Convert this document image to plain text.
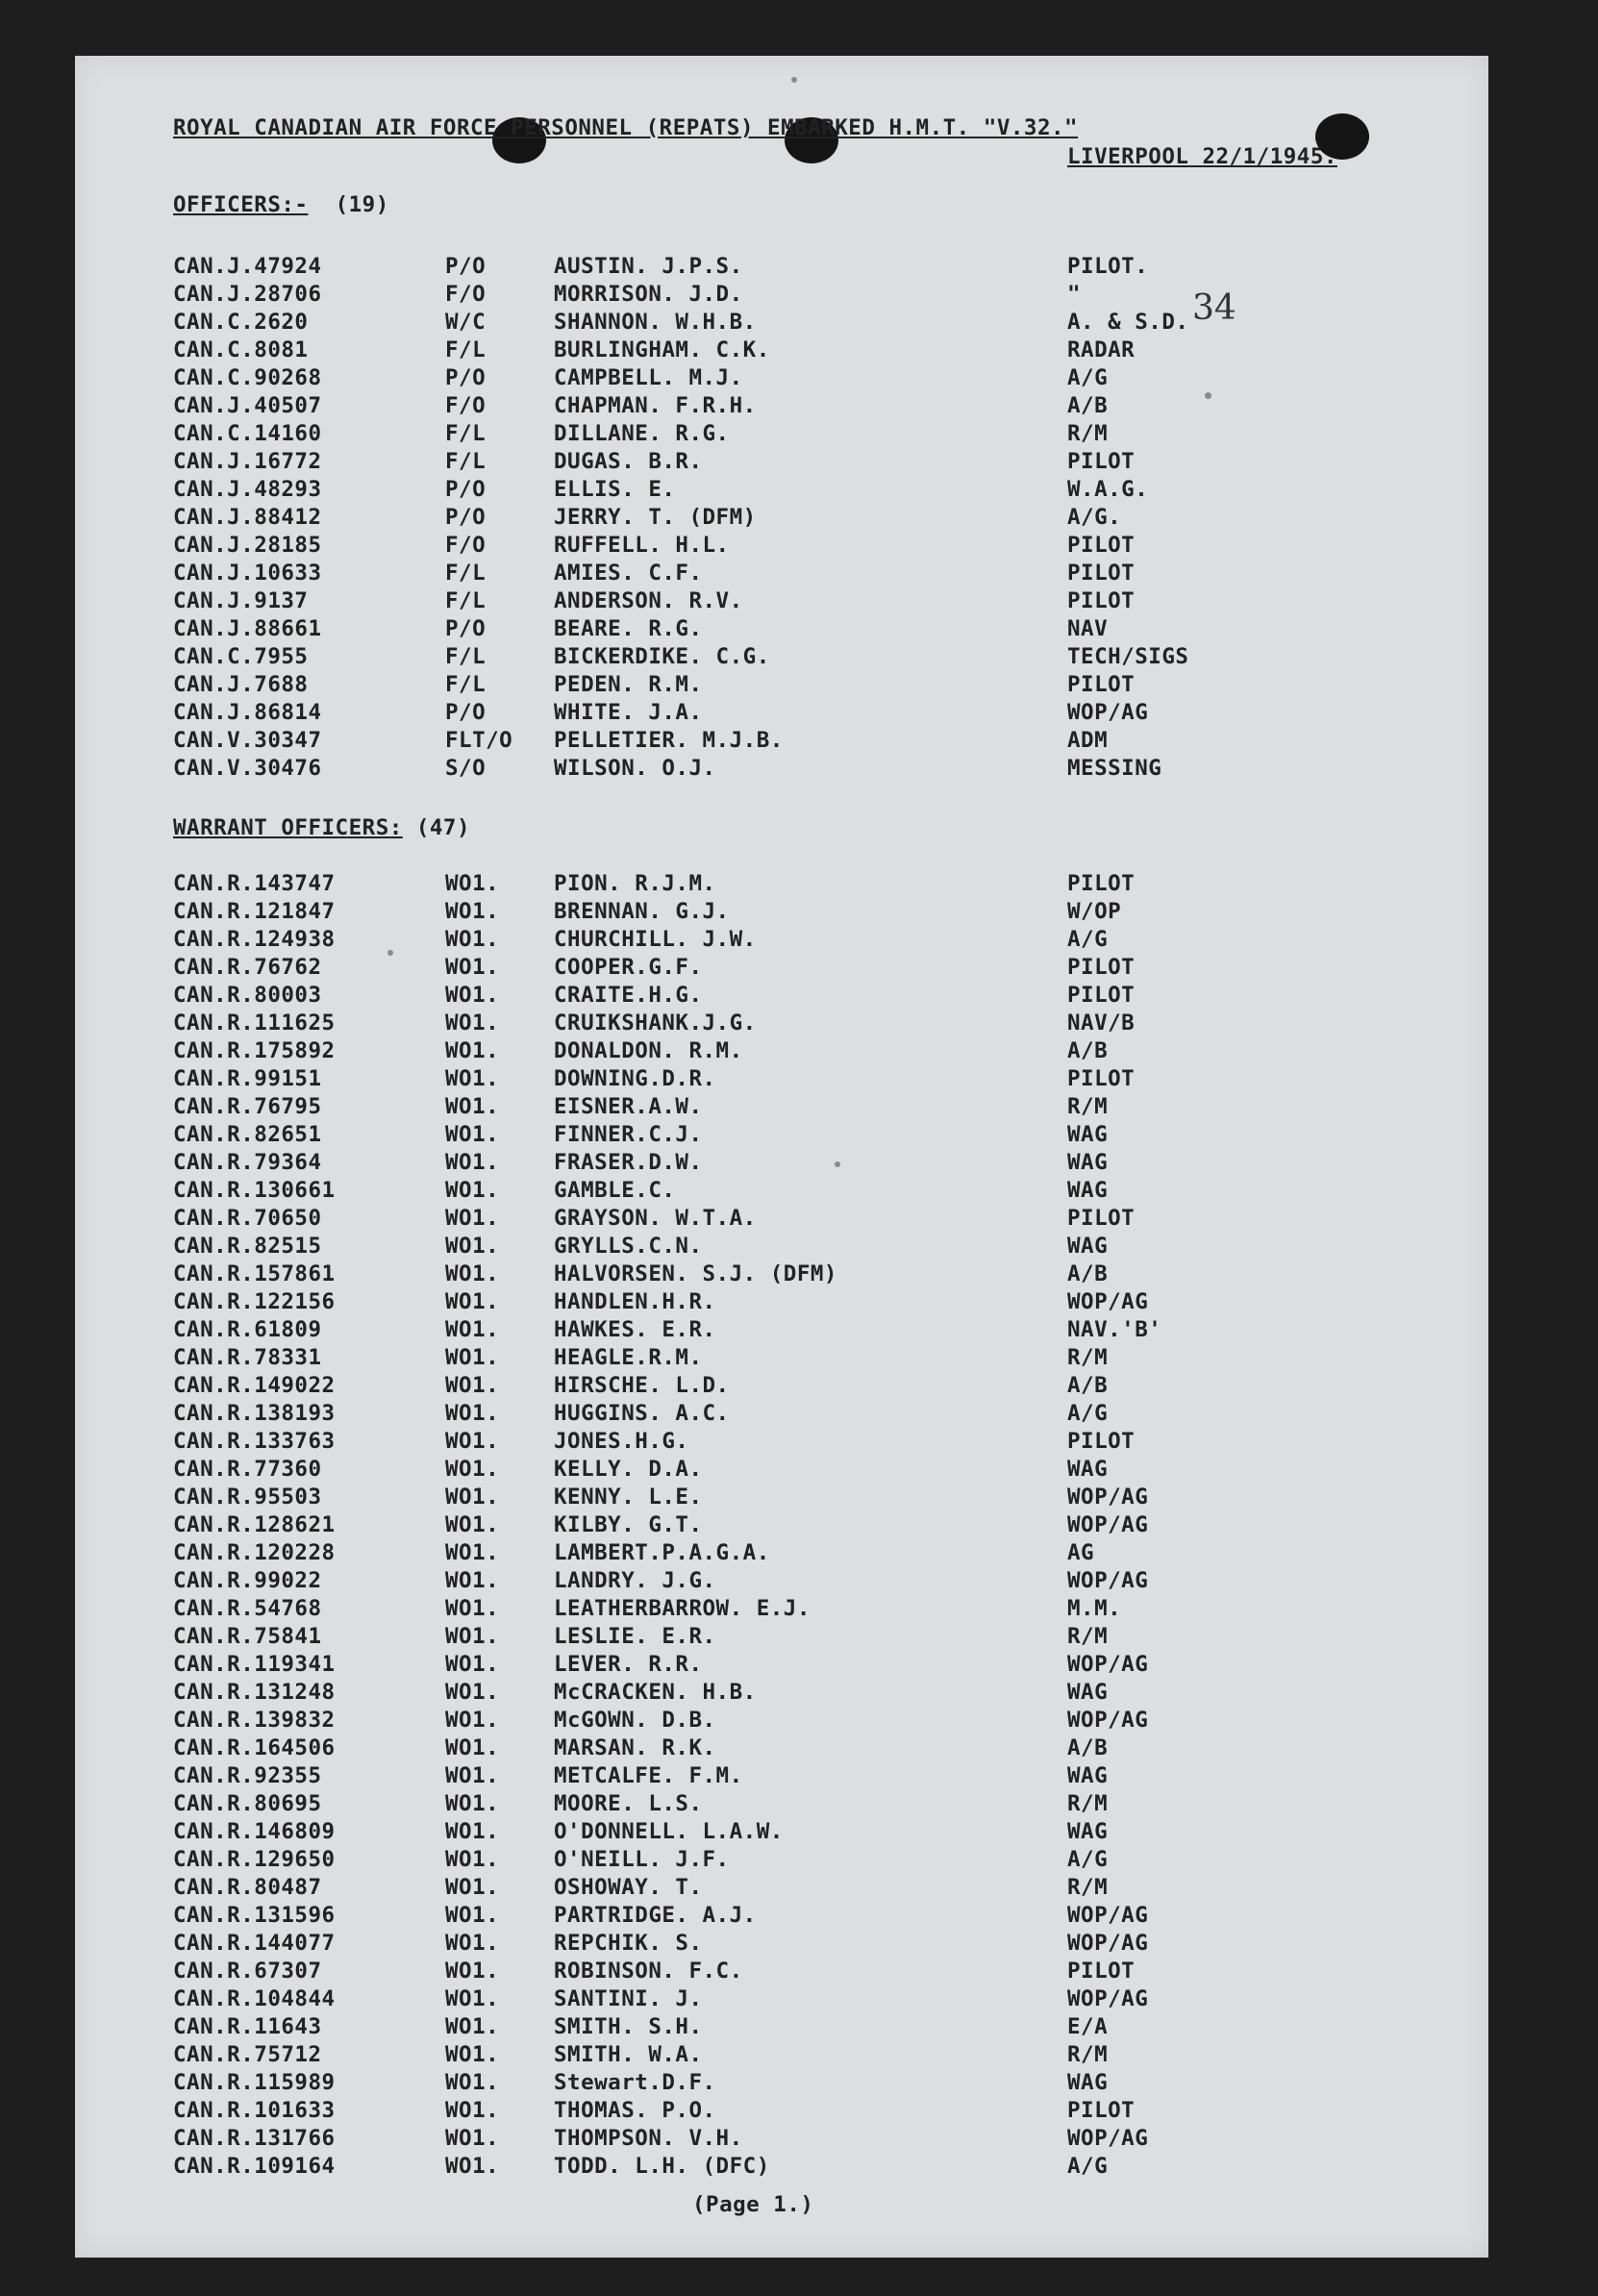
ROYAL CANADIAN AIR FORCE PERSONNEL (REPATS) EMBARKED H.M.T. "V.32."
LIVERPOOL 22/1/1945.
OFFICERS:- (19)
CAN.J.47924	P/O	AUSTIN. J.P.S.	PILOT.
CAN.J.28706	F/O	MORRISON. J.D.	"
CAN.C.2620	W/C	SHANNON. W.H.B.	A. & S.D.
CAN.C.8081	F/L	BURLINGHAM. C.K.	RADAR
CAN.C.90268	P/O	CAMPBELL. M.J.	A/G
CAN.J.40507	F/O	CHAPMAN. F.R.H.	A/B
CAN.C.14160	F/L	DILLANE. R.G.	R/M
CAN.J.16772	F/L	DUGAS. B.R.	PILOT
CAN.J.48293	P/O	ELLIS. E.	W.A.G.
CAN.J.88412	P/O	JERRY. T. (DFM)	A/G.
CAN.J.28185	F/O	RUFFELL. H.L.	PILOT
CAN.J.10633	F/L	AMIES. C.F.	PILOT
CAN.J.9137	F/L	ANDERSON. R.V.	PILOT
CAN.J.88661	P/O	BEARE. R.G.	NAV
CAN.C.7955	F/L	BICKERDIKE. C.G.	TECH/SIGS
CAN.J.7688	F/L	PEDEN. R.M.	PILOT
CAN.J.86814	P/O	WHITE. J.A.	WOP/AG
CAN.V.30347	FLT/O PELLETIER. M.J.B.	ADM
CAN.V.30476	S/O	WILSON. O.J.	MESSING
WARRANT OFFICERS: (47)
CAN.R.143747	WO1.	PION. R.J.M.	PILOT
CAN.R.121847	WO1.	BRENNAN. G.J.	W/OP
CAN.R.124938	WO1.	CHURCHILL. J.W.	A/G
CAN.R.76762	WO1.	COOPER.G.F.	PILOT
CAN.R.80003	WO1.	CRAITE.H.G.	PILOT
CAN.R.111625	WO1.	CRUIKSHANK.J.G.	NAV/B
CAN.R.175892	WO1.	DONALDON. R.M.	A/B
CAN.R.99151	WO1.	DOWNING.D.R.	PILOT
CAN.R.76795	WO1.	EISNER.A.W.	R/M
CAN.R.82651	WO1.	FINNER.C.J.	WAG
CAN.R.79364	WO1.	FRASER.D.W.	WAG
CAN.R.130661	WO1.	GAMBLE.C.	WAG
CAN.R.70650	WO1.	GRAYSON. W.T.A.	PILOT
CAN.R.82515	WO1.	GRYLLS.C.N.	WAG
CAN.R.157861	WO1.	HALVORSEN. S.J. (DFM)	A/B
CAN.R.122156	WO1.	HANDLEN.H.R.	WOP/AG
CAN.R.61809	WO1.	HAWKES. E.R.	NAV.'B'
CAN.R.78331	WO1.	HEAGLE.R.M.	R/M
CAN.R.149022	WO1.	HIRSCHE. L.D.	A/B
CAN.R.138193	WO1.	HUGGINS. A.C.	A/G
CAN.R.133763	WO1.	JONES.H.G.	PILOT
CAN.R.77360	WO1.	KELLY. D.A.	WAG
CAN.R.95503	WO1.	KENNY. L.E.	WOP/AG
CAN.R.128621	WO1.	KILBY. G.T.	WOP/AG
CAN.R.120228	WO1.	LAMBERT.P.A.G.A.	AG
CAN.R.99022	WO1.	LANDRY. J.G.	WOP/AG
CAN.R.54768	WO1.	LEATHERBARROW. E.J.	M.M.
CAN.R.75841	WO1.	LESLIE. E.R.	R/M
CAN.R.119341	WO1.	LEVER. R.R.	WOP/AG
CAN.R.131248	WO1.	McCRACKEN. H.B.	WAG
CAN.R.139832	WO1.	McGOWN. D.B.	WOP/AG
CAN.R.164506	WO1.	MARSAN. R.K.	A/B
CAN.R.92355	WO1.	METCALFE. F.M.	WAG
CAN.R.80695	WO1.	MOORE. L.S.	R/M
CAN.R.146809	WO1.	O'DONNELL. L.A.W.	WAG
CAN.R.129650	WO1.	O'NEILL. J.F.	A/G
CAN.R.80487	WO1.	OSHOWAY. T.	R/M
CAN.R.131596	WO1.	PARTRIDGE. A.J.	WOP/AG
CAN.R.144077	WO1.	REPCHIK. S.	WOP/AG
CAN.R.67307	WO1.	ROBINSON. F.C.	PILOT
CAN.R.104844	WO1.	SANTINI. J.	WOP/AG
CAN.R.11643	WO1.	SMITH. S.H.	E/A
CAN.R.75712	WO1.	SMITH. W.A.	R/M
CAN.R.115989	WO1.	Stewart.D.F.	WAG
CAN.R.101633	WO1.	THOMAS. P.O.	PILOT
CAN.R.131766	WO1.	THOMPSON. V.H.	WOP/AG
CAN.R.109164	WO1.	TODD. L.H. (DFC)	A/G
(Page 1.)
34
